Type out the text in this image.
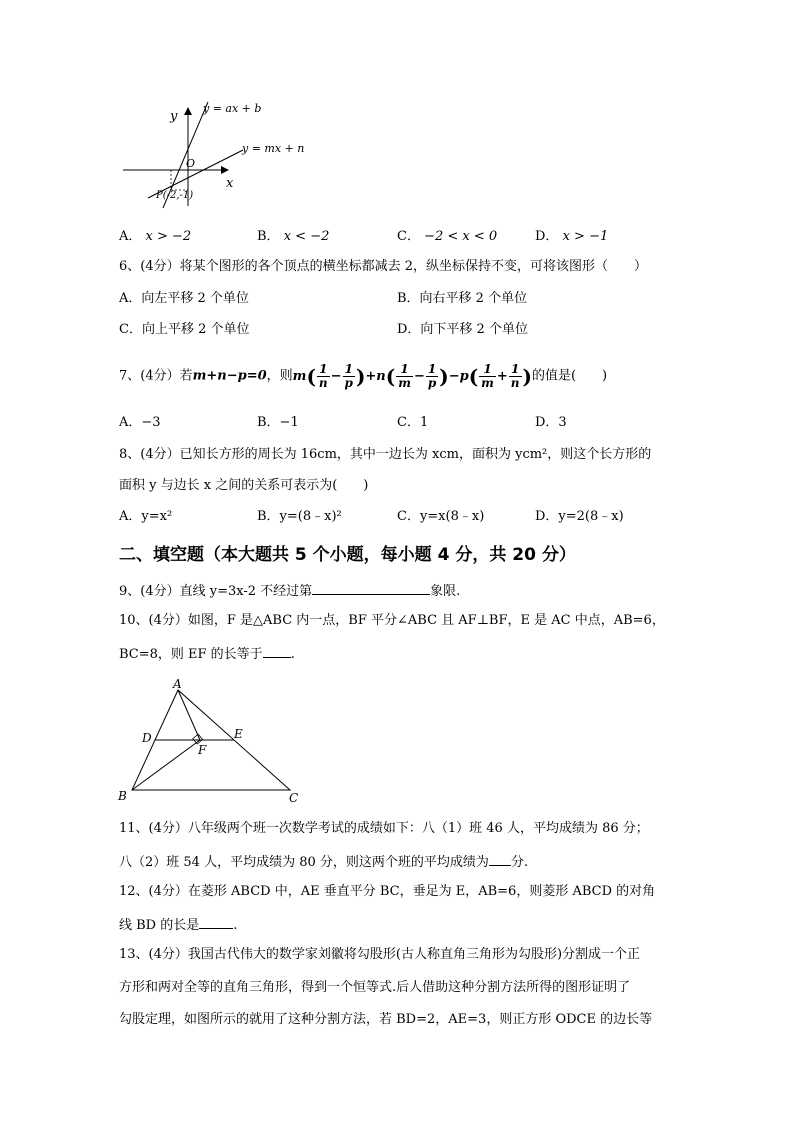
y
x
O
y = ax + b
y = mx + n
P(-2,-1)
A． x > −2	B． x < −2	C． −2 < x < 0	D． x > −1
6、(4分）将某个图形的各个顶点的横坐标都减去 2，纵坐标保持不变，可将该图形（　　）
A．向左平移 2 个单位	B．向右平移 2 个单位
C．向上平移 2 个单位	D．向下平移 2 个单位
7、(4分）若m+n−p=0，则$m( \frac{1}{n} - \frac{1}{p} )+n( \frac{1}{m} - \frac{1}{p} )-p( \frac{1}{m} + \frac{1}{n}$ )的值是(　　)
A．−3	B．−1	C．1	D．3
8、(4分）已知长方形的周长为 16cm，其中一边长为 xcm，面积为 ycm²，则这个长方形的
面积 y 与边长 x 之间的关系可表示为(　　)
A．y=x²	B．y=(8﹣x)²	C．y=x(8﹣x)	D．y=2(8﹣x)
二、填空题（本大题共 5 个小题，每小题 4 分，共 20 分）
9、(4分）直线 y=3x-2 不经过第	象限.
10、(4分）如图，F 是△ABC 内一点，BF 平分∠ABC 且 AF⊥BF，E 是 AC 中点，AB=6，
BC=8，则 EF 的长等于 .
A
B	C
D	E
F
11、(4分）八年级两个班一次数学考试的成绩如下：八（1）班 46 人，平均成绩为 86 分；
八（2）班 54 人，平均成绩为 80 分，则这两个班的平均成绩为 分.
12、(4分）在菱形 ABCD 中，AE 垂直平分 BC，垂足为 E，AB=6，则菱形 ABCD 的对角
线 BD 的长是	.
13、(4分）我国古代伟大的数学家刘徽将勾股形(古人称直角三角形为勾股形)分割成一个正
方形和两对全等的直角三角形，得到一个恒等式.后人借助这种分割方法所得的图形证明了
勾股定理，如图所示的就用了这种分割方法，若 BD=2，AE=3，则正方形 ODCE 的边长等
